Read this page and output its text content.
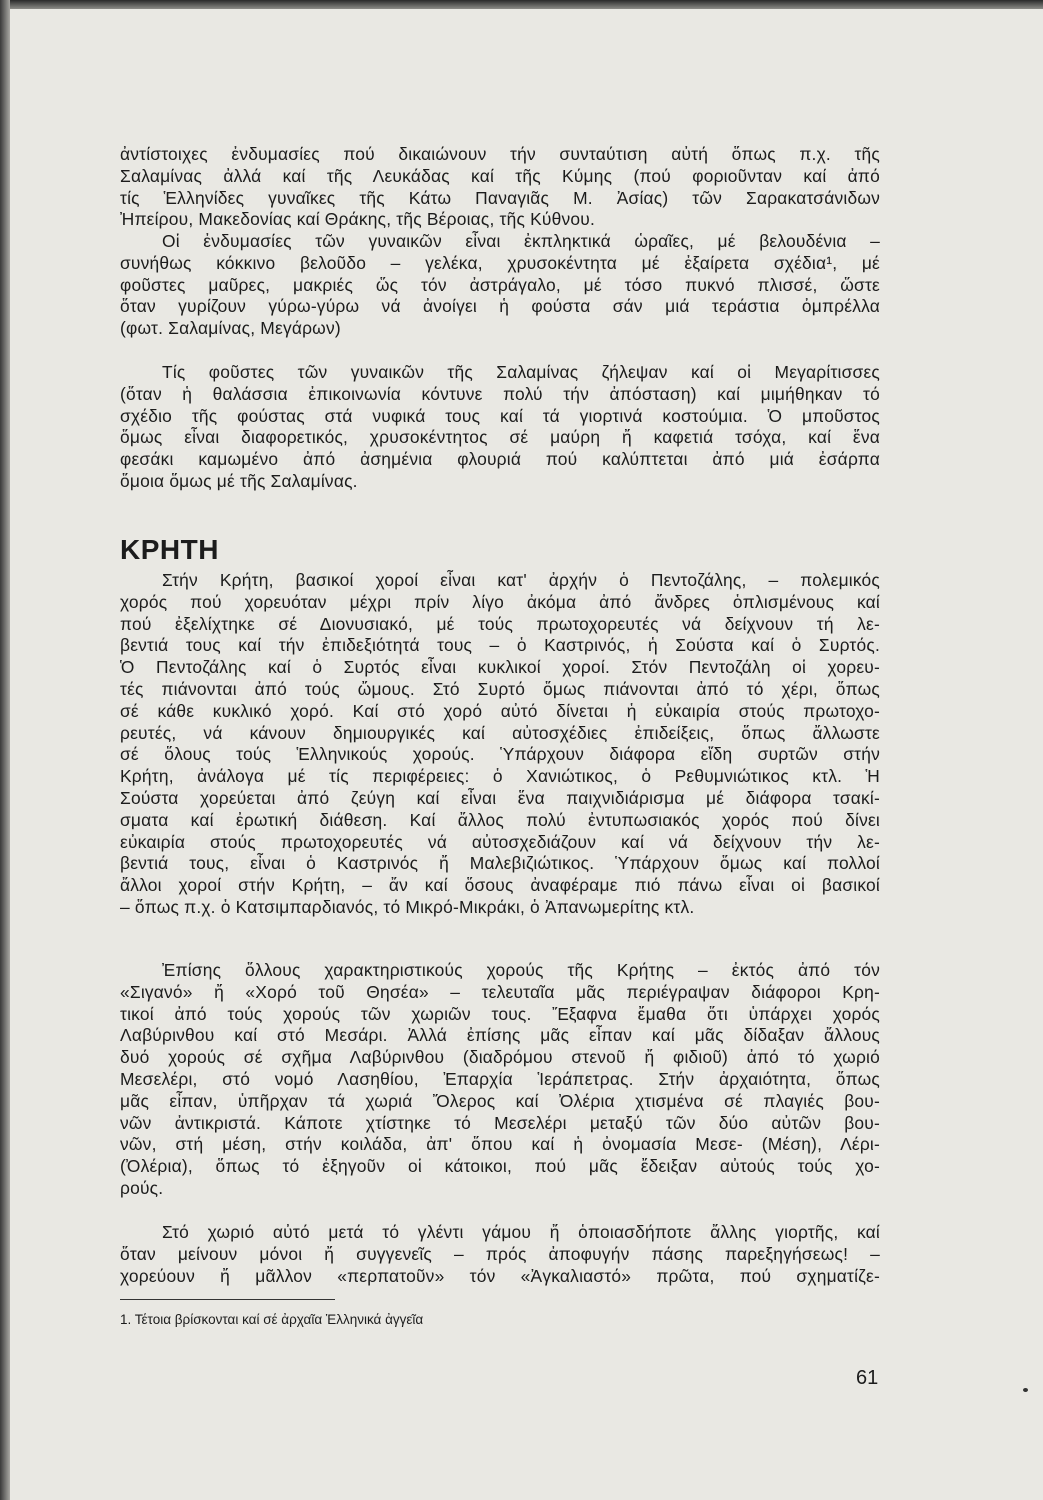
ἀντίστοιχες ἐνδυμασίες πού δικαιώνουν τήν συνταύτιση αὐτή ὅπως π.χ. τῆς
Σαλαμίνας ἀλλά καί τῆς Λευκάδας καί τῆς Κύμης (πού φοριοῦνταν καί ἀπό
τίς Ἑλληνίδες γυναῖκες τῆς Κάτω Παναγιᾶς Μ. Ἀσίας) τῶν Σαρακατσάνιδων
Ἠπείρου, Μακεδονίας καί Θράκης, τῆς Βέροιας, τῆς Κύθνου.

Οἱ ἐνδυμασίες τῶν γυναικῶν εἶναι ἐκπληκτικά ὡραῖες, μέ βελουδένια –
συνήθως κόκκινο βελοῦδο – γελέκα, χρυσοκέντητα μέ ἐξαίρετα σχέδια¹, μέ
φοῦστες μαῦρες, μακριές ὥς τόν ἀστράγαλο, μέ τόσο πυκνό πλισσέ, ὥστε
ὅταν γυρίζουν γύρω-γύρω νά ἀνοίγει ἡ φούστα σάν μιά τεράστια ὀμπρέλλα
(φωτ. Σαλαμίνας, Μεγάρων)

Τίς φοῦστες τῶν γυναικῶν τῆς Σαλαμίνας ζήλεψαν καί οἱ Μεγαρίτισσες
(ὅταν ἡ θαλάσσια ἐπικοινωνία κόντυνε πολύ τήν ἀπόσταση) καί μιμήθηκαν τό
σχέδιο τῆς φούστας στά νυφικά τους καί τά γιορτινά κοστούμια. Ὁ μποῦστος
ὅμως εἶναι διαφορετικός, χρυσοκέντητος σέ μαύρη ἤ καφετιά τσόχα, καί ἕνα
φεσάκι καμωμένο ἀπό ἀσημένια φλουριά πού καλύπτεται ἀπό μιά ἐσάρπα
ὅμοια ὅμως μέ τῆς Σαλαμίνας.

ΚΡΗΤΗ

Στήν Κρήτη, βασικοί χοροί εἶναι κατ' ἀρχήν ὁ Πεντοζάλης, – πολεμικός
χορός πού χορευόταν μέχρι πρίν λίγο ἀκόμα ἀπό ἄνδρες ὁπλισμένους καί
πού ἐξελίχτηκε σέ Διονυσιακό, μέ τούς πρωτοχορευτές νά δείχνουν τή λε-
βεντιά τους καί τήν ἐπιδεξιότητά τους – ὁ Καστρινός, ἡ Σούστα καί ὁ Συρτός.
Ὁ Πεντοζάλης καί ὁ Συρτός εἶναι κυκλικοί χοροί. Στόν Πεντοζάλη οἱ χορευ-
τές πιάνονται ἀπό τούς ὤμους. Στό Συρτό ὅμως πιάνονται ἀπό τό χέρι, ὅπως
σέ κάθε κυκλικό χορό. Καί στό χορό αὐτό δίνεται ἡ εὐκαιρία στούς πρωτοχο-
ρευτές, νά κάνουν δημιουργικές καί αὐτοσχέδιες ἐπιδείξεις, ὅπως ἄλλωστε
σέ ὅλους τούς Ἑλληνικούς χορούς. Ὑπάρχουν διάφορα εἴδη συρτῶν στήν
Κρήτη, ἀνάλογα μέ τίς περιφέρειες: ὁ Χανιώτικος, ὁ Ρεθυμνιώτικος κτλ. Ἡ
Σούστα χορεύεται ἀπό ζεύγη καί εἶναι ἕνα παιχνιδιάρισμα μέ διάφορα τσακί-
σματα καί ἐρωτική διάθεση. Καί ἄλλος πολύ ἐντυπωσιακός χορός πού δίνει
εὐκαιρία στούς πρωτοχορευτές νά αὐτοσχεδιάζουν καί νά δείχνουν τήν λε-
βεντιά τους, εἶναι ὁ Καστρινός ἤ Μαλεβιζιώτικος. Ὑπάρχουν ὅμως καί πολλοί
ἄλλοι χοροί στήν Κρήτη, – ἄν καί ὅσους ἀναφέραμε πιό πάνω εἶναι οἱ βασικοί
– ὅπως π.χ. ὁ Κατσιμπαρδιανός, τό Μικρό-Μικράκι, ὁ Ἀπανωμερίτης κτλ.

Ἐπίσης ὅλλους χαρακτηριστικούς χορούς τῆς Κρήτης – ἐκτός ἀπό τόν
«Σιγανό» ἤ «Χορό τοῦ Θησέα» – τελευταῖα μᾶς περιέγραψαν διάφοροι Κρη-
τικοί ἀπό τούς χορούς τῶν χωριῶν τους. Ἔξαφνα ἔμαθα ὅτι ὑπάρχει χορός
Λαβύρινθου καί στό Μεσάρι. Ἀλλά ἐπίσης μᾶς εἶπαν καί μᾶς δίδαξαν ἄλλους
δυό χορούς σέ σχῆμα Λαβύρινθου (διαδρόμου στενοῦ ἤ φιδιοῦ) ἀπό τό χωριό
Μεσελέρι, στό νομό Λασηθίου, Ἐπαρχία Ἱεράπετρας. Στήν ἀρχαιότητα, ὅπως
μᾶς εἶπαν, ὑπῆρχαν τά χωριά Ὄλερος καί Ὀλέρια χτισμένα σέ πλαγιές βου-
νῶν ἀντικριστά. Κάποτε χτίστηκε τό Μεσελέρι μεταξύ τῶν δύο αὐτῶν βου-
νῶν, στή μέση, στήν κοιλάδα, ἀπ' ὅπου καί ἡ ὀνομασία Μεσε- (Μέση), Λέρι-
(Ὀλέρια), ὅπως τό ἐξηγοῦν οἱ κάτοικοι, πού μᾶς ἔδειξαν αὐτούς τούς χο-
ρούς.

Στό χωριό αὐτό μετά τό γλέντι γάμου ἤ ὁποιασδήποτε ἄλλης γιορτῆς, καί
ὅταν μείνουν μόνοι ἤ συγγενεῖς – πρός ἀποφυγήν πάσης παρεξηγήσεως! –
χορεύουν ἤ μᾶλλον «περπατοῦν» τόν «Ἀγκαλιαστό» πρῶτα, πού σχηματίζε-

1. Τέτοια βρίσκονται καί σέ ἀρχαῖα Ἑλληνικά ἀγγεῖα
61
